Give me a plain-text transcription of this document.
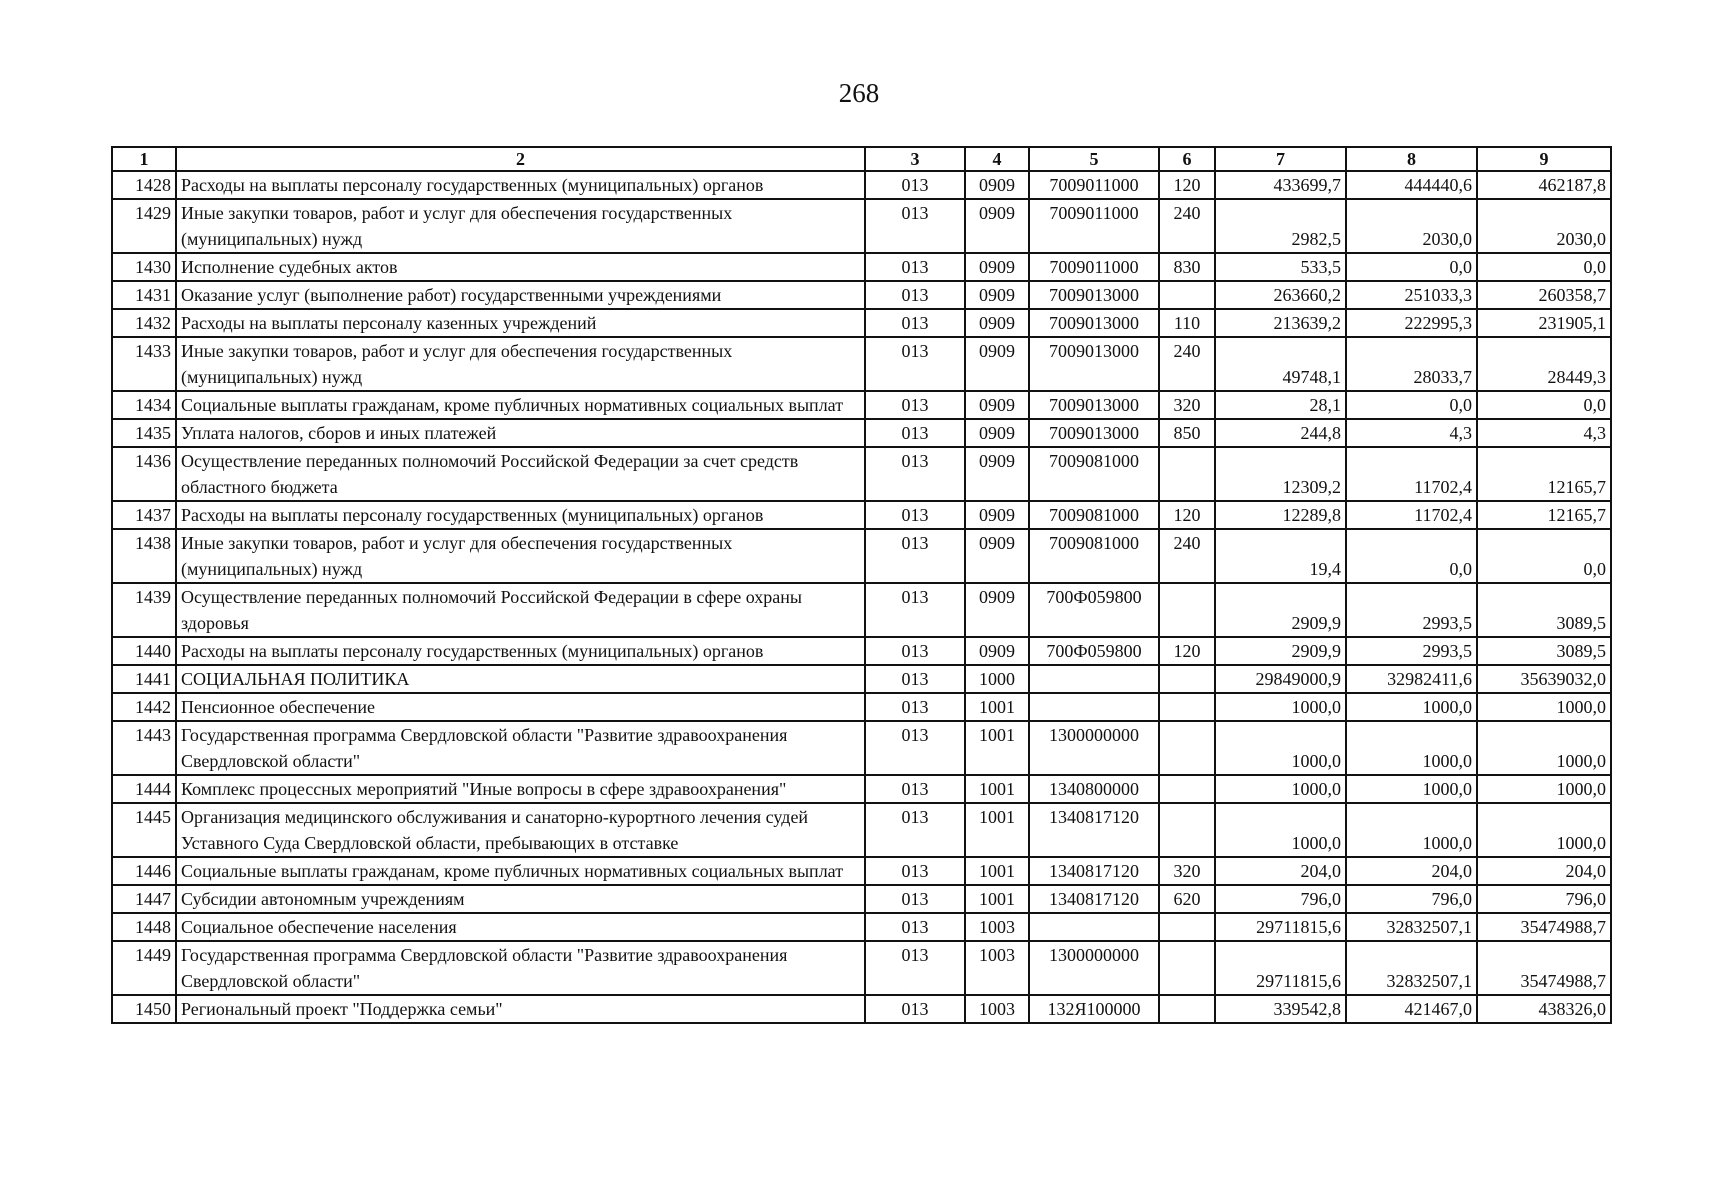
268
1	2	3	4	5	6	7	8	9
1428	Расходы на выплаты персоналу государственных (муниципальных) органов	013	0909	7009011000	120	433699,7	444440,6	462187,8
1429	Иные закупки товаров, работ и услуг для обеспечения государственных (муниципальных) нужд	013	0909	7009011000	240	2982,5	2030,0	2030,0
1430	Исполнение судебных актов	013	0909	7009011000	830	533,5	0,0	0,0
1431	Оказание услуг (выполнение работ) государственными учреждениями	013	0909	7009013000		263660,2	251033,3	260358,7
1432	Расходы на выплаты персоналу казенных учреждений	013	0909	7009013000	110	213639,2	222995,3	231905,1
1433	Иные закупки товаров, работ и услуг для обеспечения государственных (муниципальных) нужд	013	0909	7009013000	240	49748,1	28033,7	28449,3
1434	Социальные выплаты гражданам, кроме публичных нормативных социальных выплат	013	0909	7009013000	320	28,1	0,0	0,0
1435	Уплата налогов, сборов и иных платежей	013	0909	7009013000	850	244,8	4,3	4,3
1436	Осуществление переданных полномочий Российской Федерации за счет средств областного бюджета	013	0909	7009081000		12309,2	11702,4	12165,7
1437	Расходы на выплаты персоналу государственных (муниципальных) органов	013	0909	7009081000	120	12289,8	11702,4	12165,7
1438	Иные закупки товаров, работ и услуг для обеспечения государственных (муниципальных) нужд	013	0909	7009081000	240	19,4	0,0	0,0
1439	Осуществление переданных полномочий Российской Федерации в сфере охраны здоровья	013	0909	700Ф059800		2909,9	2993,5	3089,5
1440	Расходы на выплаты персоналу государственных (муниципальных) органов	013	0909	700Ф059800	120	2909,9	2993,5	3089,5
1441	СОЦИАЛЬНАЯ ПОЛИТИКА	013	1000			29849000,9	32982411,6	35639032,0
1442	Пенсионное обеспечение	013	1001			1000,0	1000,0	1000,0
1443	Государственная программа Свердловской области "Развитие здравоохранения Свердловской области"	013	1001	1300000000		1000,0	1000,0	1000,0
1444	Комплекс процессных мероприятий "Иные вопросы в сфере здравоохранения"	013	1001	1340800000		1000,0	1000,0	1000,0
1445	Организация медицинского обслуживания и санаторно-курортного лечения судей Уставного Суда Свердловской области, пребывающих в отставке	013	1001	1340817120		1000,0	1000,0	1000,0
1446	Социальные выплаты гражданам, кроме публичных нормативных социальных выплат	013	1001	1340817120	320	204,0	204,0	204,0
1447	Субсидии автономным учреждениям	013	1001	1340817120	620	796,0	796,0	796,0
1448	Социальное обеспечение населения	013	1003			29711815,6	32832507,1	35474988,7
1449	Государственная программа Свердловской области "Развитие здравоохранения Свердловской области"	013	1003	1300000000		29711815,6	32832507,1	35474988,7
1450	Региональный проект "Поддержка семьи"	013	1003	132Я100000		339542,8	421467,0	438326,0
